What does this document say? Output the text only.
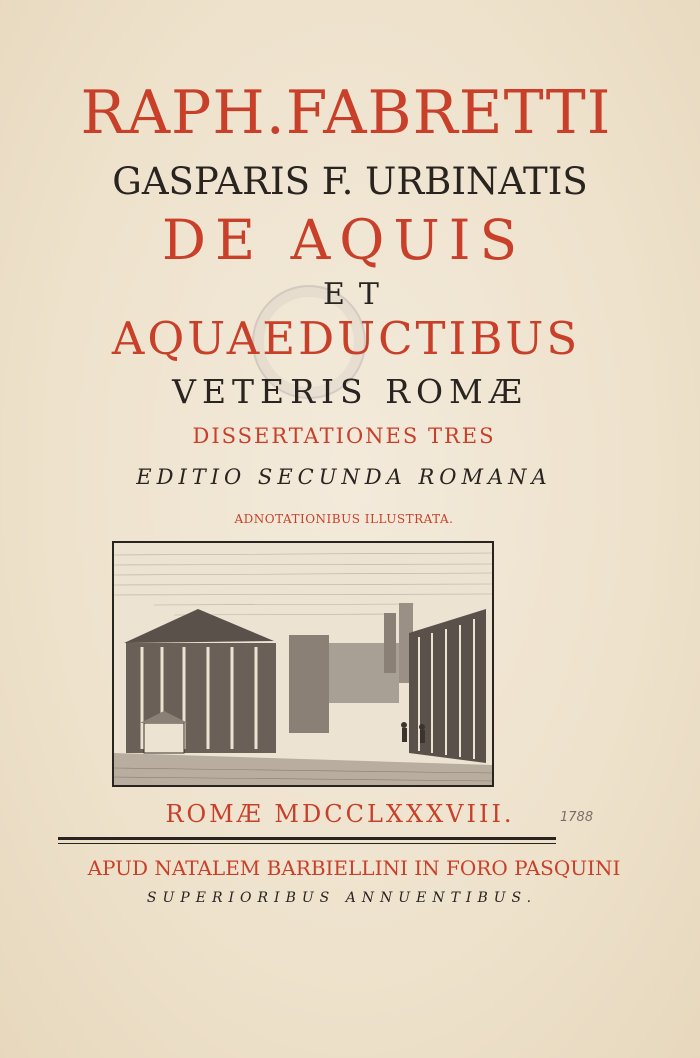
RAPH.FABRETTI
GASPARIS F. URBINATIS
DE AQUIS
ET
AQUAEDUCTIBUS
VETERIS ROMÆ
DISSERTATIONES TRES
EDITIO SECUNDA ROMANA
ADNOTATIONIBUS ILLUSTRATA.
ROMÆ MDCCLXXXVIII.	1788
APUD NATALEM BARBIELLINI IN FORO PASQUINI
SUPERIORIBUS ANNUENTIBUS.
